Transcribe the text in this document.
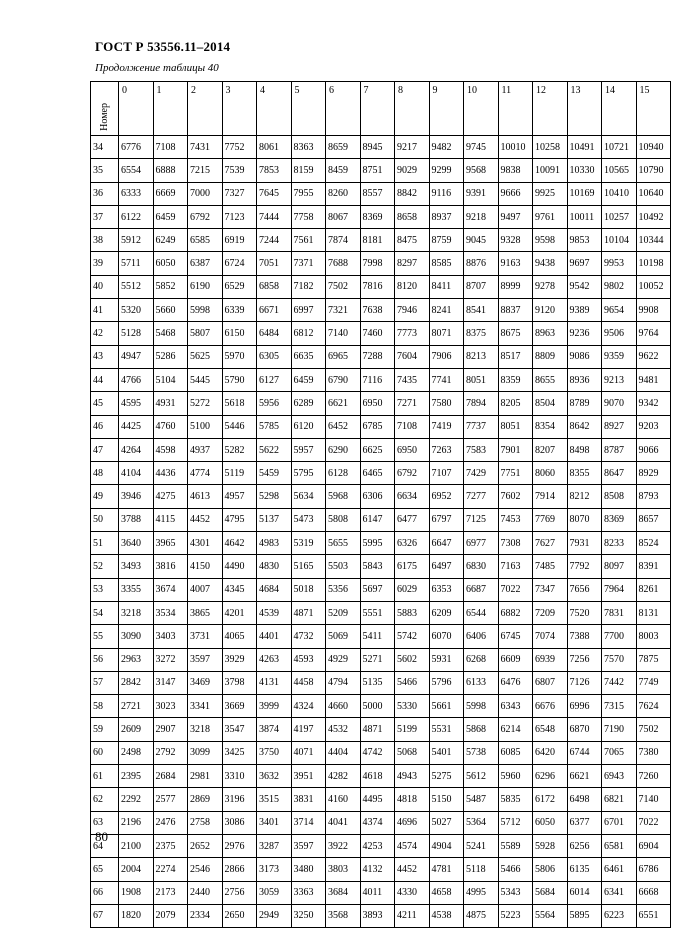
ГОСТ Р 53556.11–2014
Продолжение таблицы 40
Номер	0	1	2	3	4	5	6	7	8	9	10	11	12	13	14	15
34	6776	7108	7431	7752	8061	8363	8659	8945	9217	9482	9745	10010	10258	10491	10721	10940
35	6554	6888	7215	7539	7853	8159	8459	8751	9029	9299	9568	9838	10091	10330	10565	10790
36	6333	6669	7000	7327	7645	7955	8260	8557	8842	9116	9391	9666	9925	10169	10410	10640
37	6122	6459	6792	7123	7444	7758	8067	8369	8658	8937	9218	9497	9761	10011	10257	10492
38	5912	6249	6585	6919	7244	7561	7874	8181	8475	8759	9045	9328	9598	9853	10104	10344
39	5711	6050	6387	6724	7051	7371	7688	7998	8297	8585	8876	9163	9438	9697	9953	10198
40	5512	5852	6190	6529	6858	7182	7502	7816	8120	8411	8707	8999	9278	9542	9802	10052
41	5320	5660	5998	6339	6671	6997	7321	7638	7946	8241	8541	8837	9120	9389	9654	9908
42	5128	5468	5807	6150	6484	6812	7140	7460	7773	8071	8375	8675	8963	9236	9506	9764
43	4947	5286	5625	5970	6305	6635	6965	7288	7604	7906	8213	8517	8809	9086	9359	9622
44	4766	5104	5445	5790	6127	6459	6790	7116	7435	7741	8051	8359	8655	8936	9213	9481
45	4595	4931	5272	5618	5956	6289	6621	6950	7271	7580	7894	8205	8504	8789	9070	9342
46	4425	4760	5100	5446	5785	6120	6452	6785	7108	7419	7737	8051	8354	8642	8927	9203
47	4264	4598	4937	5282	5622	5957	6290	6625	6950	7263	7583	7901	8207	8498	8787	9066
48	4104	4436	4774	5119	5459	5795	6128	6465	6792	7107	7429	7751	8060	8355	8647	8929
49	3946	4275	4613	4957	5298	5634	5968	6306	6634	6952	7277	7602	7914	8212	8508	8793
50	3788	4115	4452	4795	5137	5473	5808	6147	6477	6797	7125	7453	7769	8070	8369	8657
51	3640	3965	4301	4642	4983	5319	5655	5995	6326	6647	6977	7308	7627	7931	8233	8524
52	3493	3816	4150	4490	4830	5165	5503	5843	6175	6497	6830	7163	7485	7792	8097	8391
53	3355	3674	4007	4345	4684	5018	5356	5697	6029	6353	6687	7022	7347	7656	7964	8261
54	3218	3534	3865	4201	4539	4871	5209	5551	5883	6209	6544	6882	7209	7520	7831	8131
55	3090	3403	3731	4065	4401	4732	5069	5411	5742	6070	6406	6745	7074	7388	7700	8003
56	2963	3272	3597	3929	4263	4593	4929	5271	5602	5931	6268	6609	6939	7256	7570	7875
57	2842	3147	3469	3798	4131	4458	4794	5135	5466	5796	6133	6476	6807	7126	7442	7749
58	2721	3023	3341	3669	3999	4324	4660	5000	5330	5661	5998	6343	6676	6996	7315	7624
59	2609	2907	3218	3547	3874	4197	4532	4871	5199	5531	5868	6214	6548	6870	7190	7502
60	2498	2792	3099	3425	3750	4071	4404	4742	5068	5401	5738	6085	6420	6744	7065	7380
61	2395	2684	2981	3310	3632	3951	4282	4618	4943	5275	5612	5960	6296	6621	6943	7260
62	2292	2577	2869	3196	3515	3831	4160	4495	4818	5150	5487	5835	6172	6498	6821	7140
63	2196	2476	2758	3086	3401	3714	4041	4374	4696	5027	5364	5712	6050	6377	6701	7022
64	2100	2375	2652	2976	3287	3597	3922	4253	4574	4904	5241	5589	5928	6256	6581	6904
65	2004	2274	2546	2866	3173	3480	3803	4132	4452	4781	5118	5466	5806	6135	6461	6786
66	1908	2173	2440	2756	3059	3363	3684	4011	4330	4658	4995	5343	5684	6014	6341	6668
67	1820	2079	2334	2650	2949	3250	3568	3893	4211	4538	4875	5223	5564	5895	6223	6551
80
